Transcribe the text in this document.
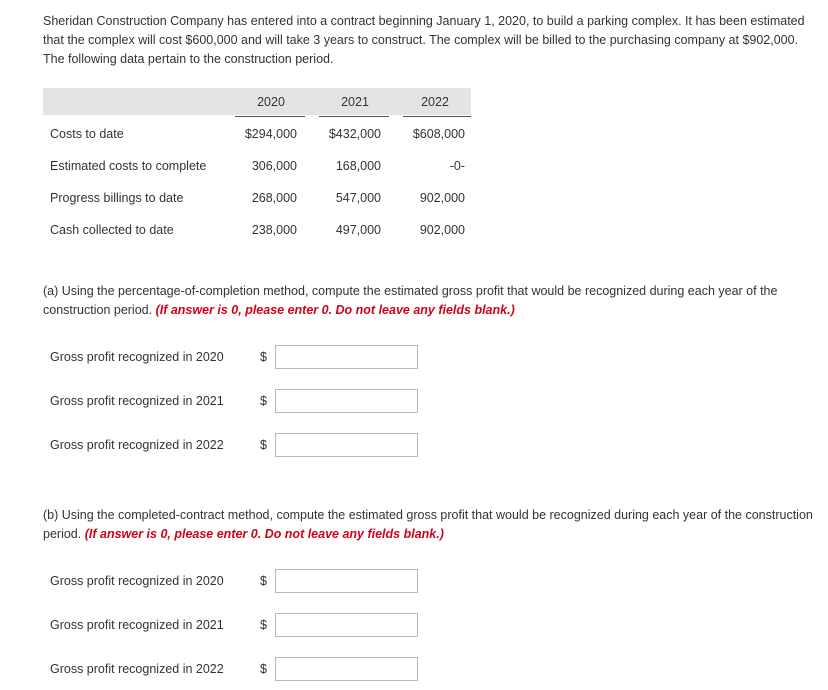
Sheridan Construction Company has entered into a contract beginning January 1, 2020, to build a parking complex. It has been estimated that the complex will cost $600,000 and will take 3 years to construct. The complex will be billed to the purchasing company at $902,000. The following data pertain to the construction period.
2020	2021	2022
Costs to date	$294,000	$432,000	$608,000
Estimated costs to complete	306,000	168,000	-0-
Progress billings to date	268,000	547,000	902,000
Cash collected to date	238,000	497,000	902,000
(a) Using the percentage-of-completion method, compute the estimated gross profit that would be recognized during each year of the construction period. (If answer is 0, please enter 0. Do not leave any fields blank.)
Gross profit recognized in 2020	$
Gross profit recognized in 2021	$
Gross profit recognized in 2022	$
(b) Using the completed-contract method, compute the estimated gross profit that would be recognized during each year of the construction period. (If answer is 0, please enter 0. Do not leave any fields blank.)
Gross profit recognized in 2020	$
Gross profit recognized in 2021	$
Gross profit recognized in 2022	$
